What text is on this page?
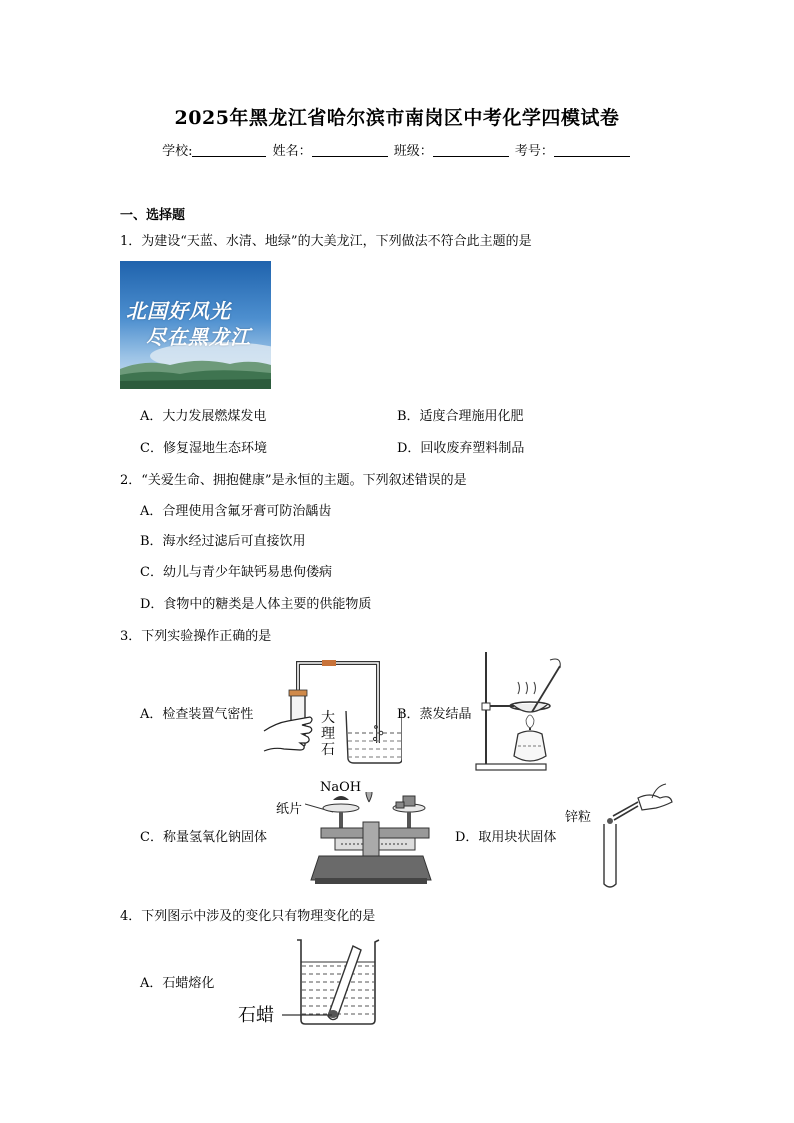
2025年黑龙江省哈尔滨市南岗区中考化学四模试卷
学校:	姓名：	班级：	考号：
一、选择题
1．为建设“天蓝、水清、地绿”的大美龙江，下列做法不符合此主题的是
北国好风光
尽在黑龙江
A．大力发展燃煤发电	B．适度合理施用化肥
C．修复湿地生态环境	D．回收废弃塑料制品
2．“关爱生命、拥抱健康”是永恒的主题。下列叙述错误的是
A．合理使用含氟牙膏可防治龋齿
B．海水经过滤后可直接饮用
C．幼儿与青少年缺钙易患佝偻病
D．食物中的糖类是人体主要的供能物质
3．下列实验操作正确的是
A．检查装置气密性	大
理
石
B．蒸发结晶
NaOH
纸片
C．称量氢氧化钠固体	D．取用块状固体
锌粒
4．下列图示中涉及的变化只有物理变化的是
A．石蜡熔化
石蜡
